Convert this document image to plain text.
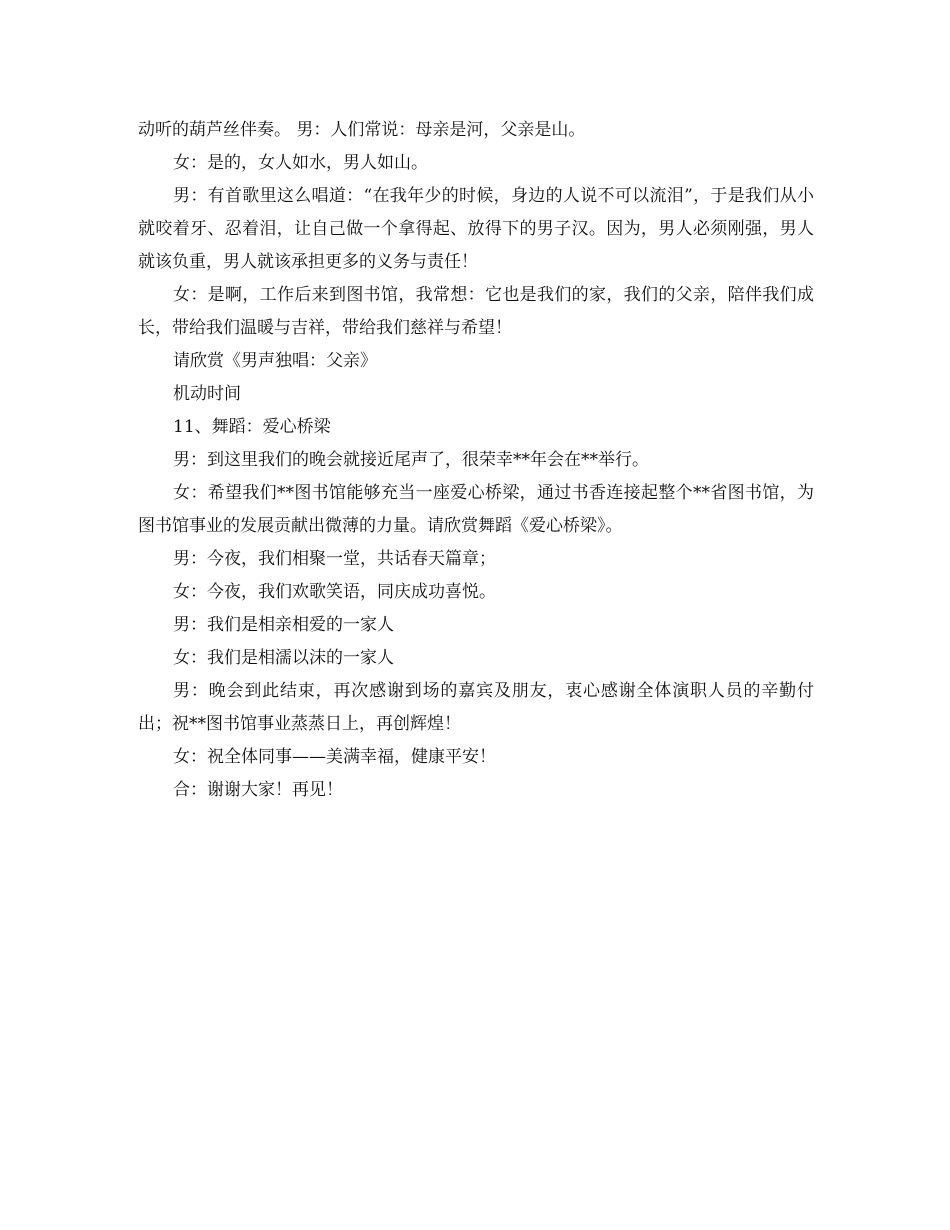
动听的葫芦丝伴奏。 男：人们常说：母亲是河，父亲是山。

女：是的，女人如水，男人如山。

男：有首歌里这么唱道：“在我年少的时候，身边的人说不可以流泪”，于是我们从小就咬着牙、忍着泪，让自己做一个拿得起、放得下的男子汉。因为，男人必须刚强，男人就该负重，男人就该承担更多的义务与责任！

女：是啊，工作后来到图书馆，我常想：它也是我们的家，我们的父亲，陪伴我们成长，带给我们温暖与吉祥，带给我们慈祥与希望！

请欣赏《男声独唱：父亲》

机动时间

11、舞蹈：爱心桥梁

男：到这里我们的晚会就接近尾声了，很荣幸**年会在**举行。

女：希望我们**图书馆能够充当一座爱心桥梁，通过书香连接起整个**省图书馆，为图书馆事业的发展贡献出微薄的力量。请欣赏舞蹈《爱心桥梁》。

男：今夜，我们相聚一堂，共话春天篇章；

女：今夜，我们欢歌笑语，同庆成功喜悦。

男：我们是相亲相爱的一家人

女：我们是相濡以沫的一家人

男：晚会到此结束，再次感谢到场的嘉宾及朋友，衷心感谢全体演职人员的辛勤付出；祝**图书馆事业蒸蒸日上，再创辉煌！

女：祝全体同事——美满幸福，健康平安！

合：谢谢大家！再见！
